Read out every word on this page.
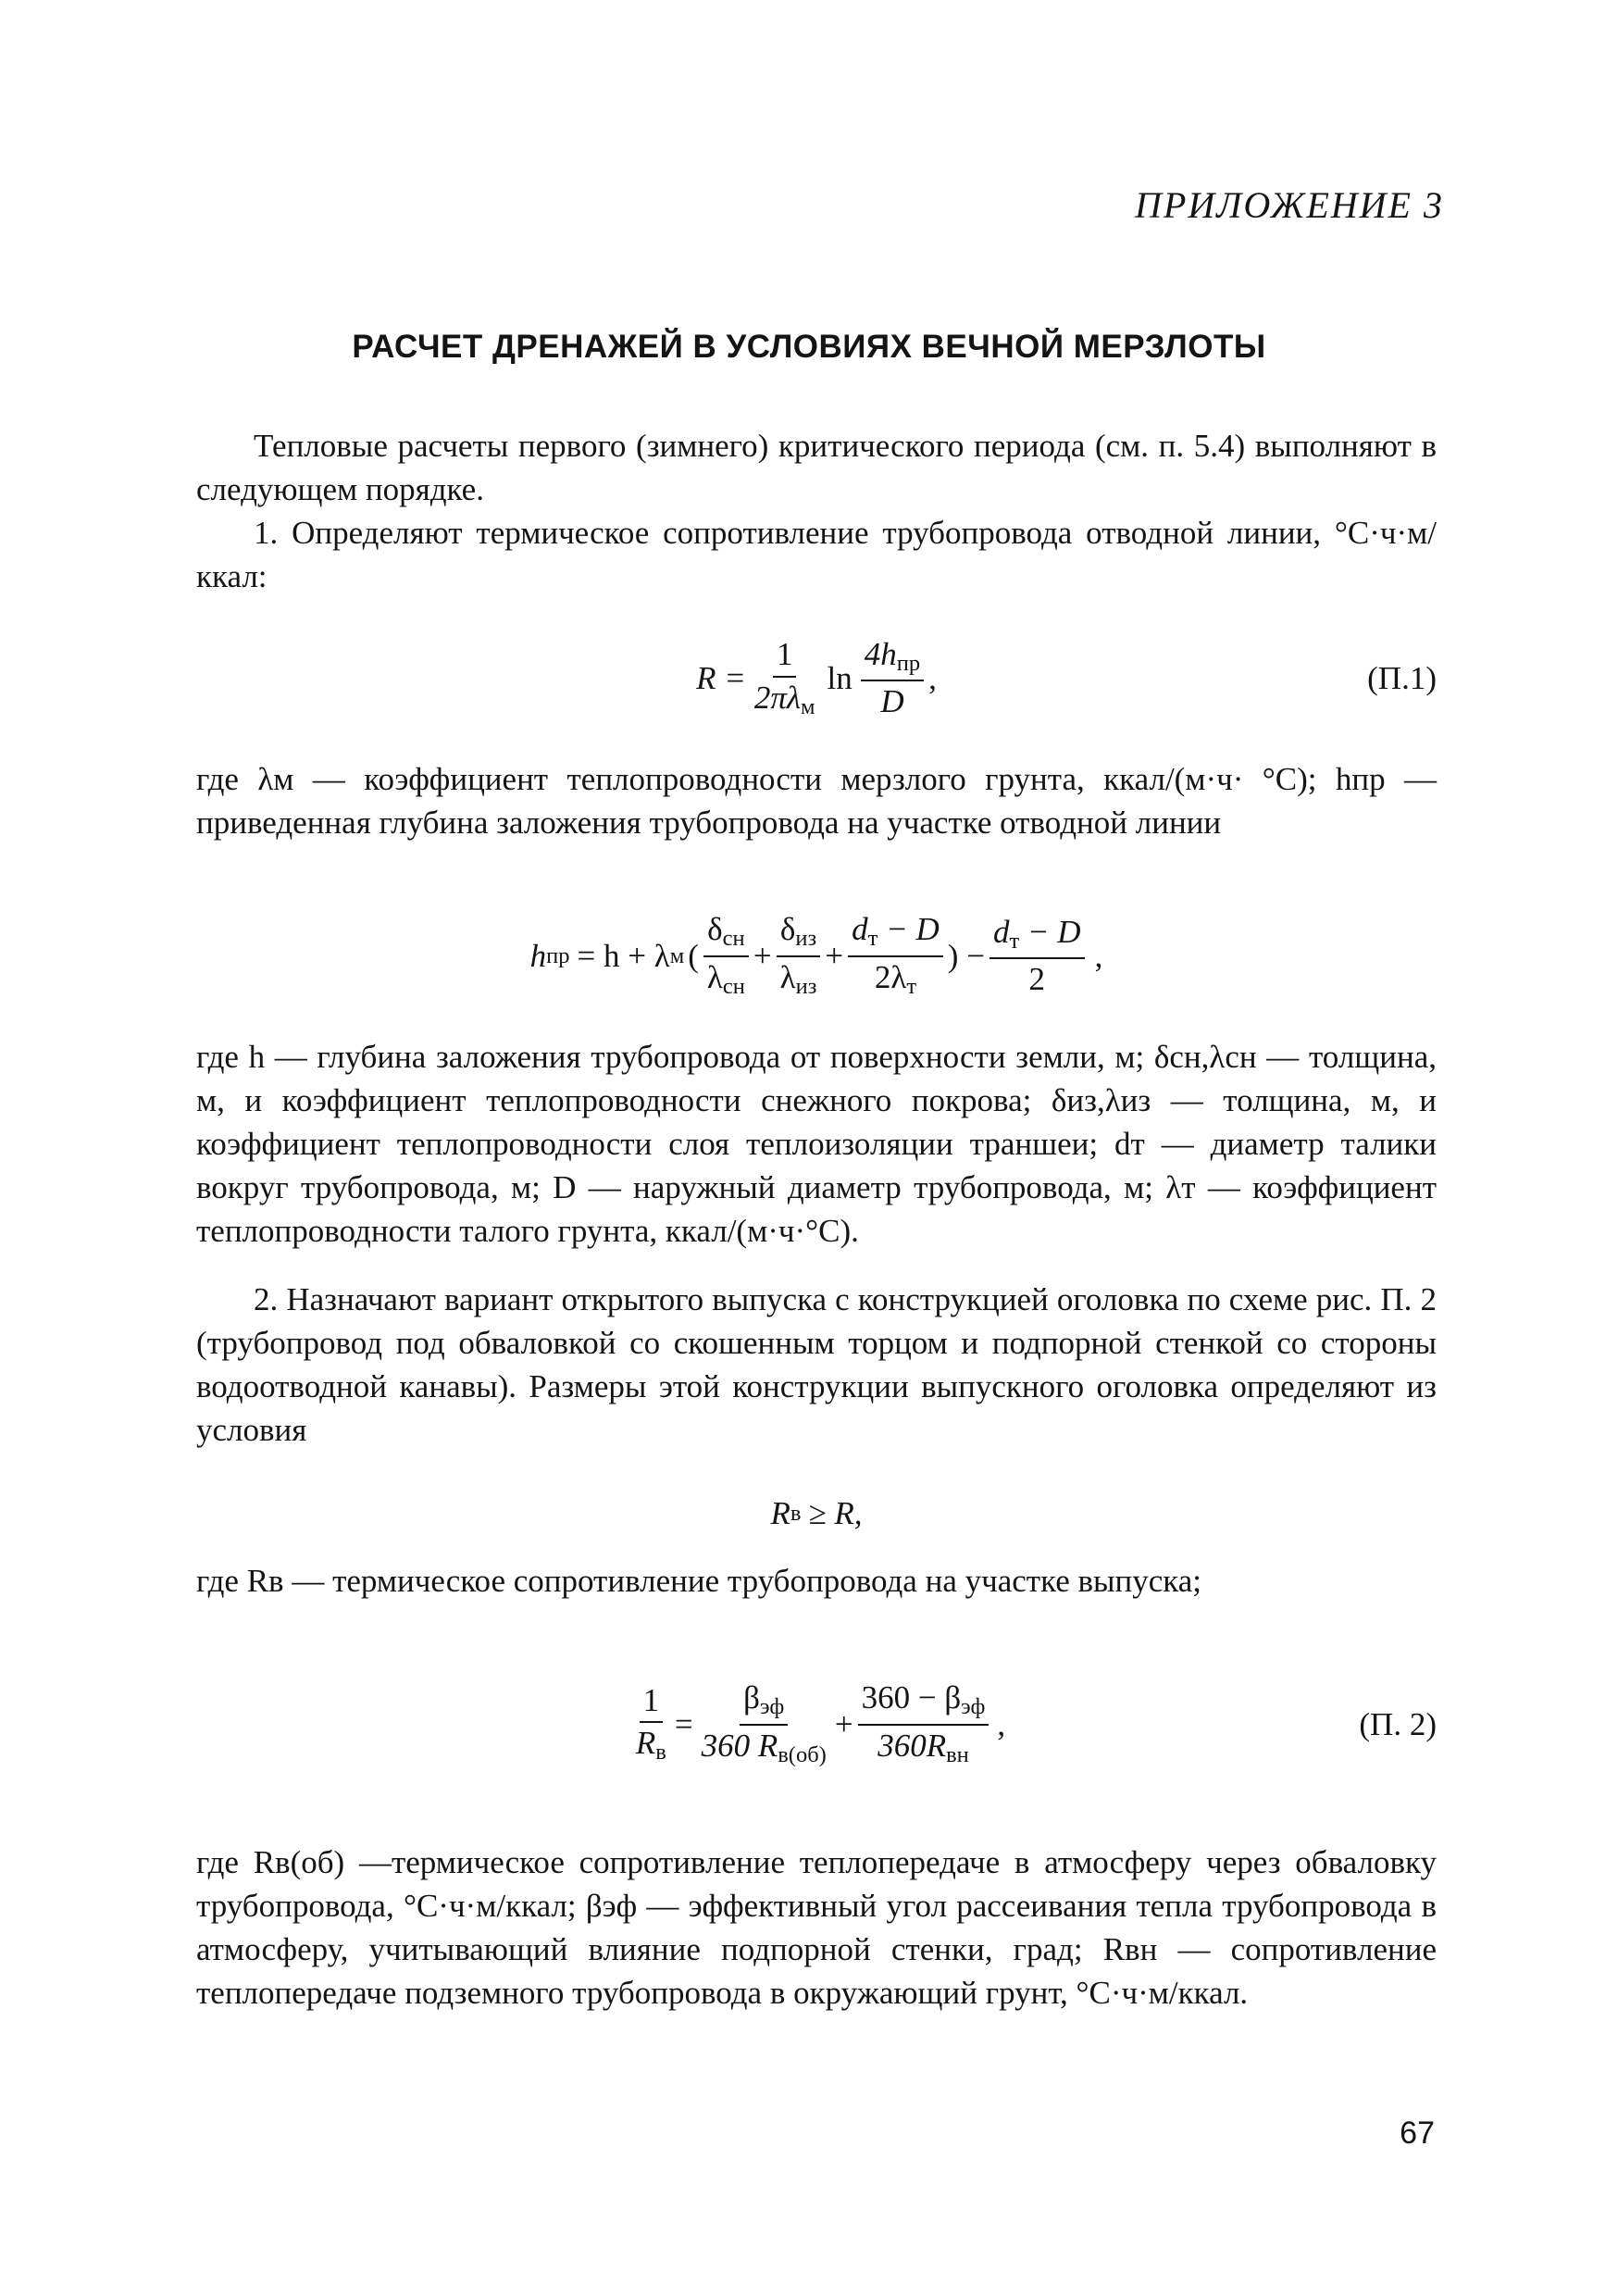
ПРИЛОЖЕНИЕ 3
РАСЧЕТ ДРЕНАЖЕЙ В УСЛОВИЯХ ВЕЧНОЙ МЕРЗЛОТЫ
Тепловые расчеты первого (зимнего) критического периода (см. п. 5.4) выполняют в следующем порядке.
1. Определяют термическое сопротивление трубопровода отводной линии, °С·ч·м/ккал:
$R = \frac{1}{2\pi\lambda_м}$ $\ln \frac{4h_{пр}}{D}$ ,	(П.1)
где λм — коэффициент теплопроводности мерзлого грунта, ккал/(м·ч· °С); hпр — приведенная глубина заложения трубопровода на участке отводной линии
h пр = h + λ м ( $\frac{\delta_{сн}}{\lambda_{сн}} + \frac{\delta_{из}}{\lambda_{из}} + \frac{d_т - D}{2\lambda_т}$ ) − $\frac{d_т - D}{2}$ ,
где h — глубина заложения трубопровода от поверхности земли, м; δсн,λсн — толщина, м, и коэффициент теплопроводности снежного покрова; δиз,λиз — толщина, м, и коэффициент теплопроводности слоя теплоизоляции траншеи; dт — диаметр талики вокруг трубопровода, м; D — наружный диаметр трубопровода, м; λт — коэффициент теплопроводности талого грунта, ккал/(м·ч·°С).
2. Назначают вариант открытого выпуска с конструкцией оголовка по схеме рис. П. 2 (трубопровод под обваловкой со скошенным торцом и подпорной стенкой со стороны водоотводной канавы). Размеры этой конструкции выпускного оголовка определяют из условия
R в ≥ R,
где Rв — термическое сопротивление трубопровода на участке выпуска;
$\frac{1}{R_в} = \frac{\beta_{эф}}{360 R_{в(об)}} + \frac{360 - \beta_{эф}}{360R_{вн}}$ ,	(П. 2)
где Rв(об) —термическое сопротивление теплопередаче в атмосферу через обваловку трубопровода, °С·ч·м/ккал; βэф — эффективный угол рассеивания тепла трубопровода в атмосферу, учитывающий влияние подпорной стенки, град; Rвн — сопротивление теплопередаче подземного трубопровода в окружающий грунт, °С·ч·м/ккал.
67
